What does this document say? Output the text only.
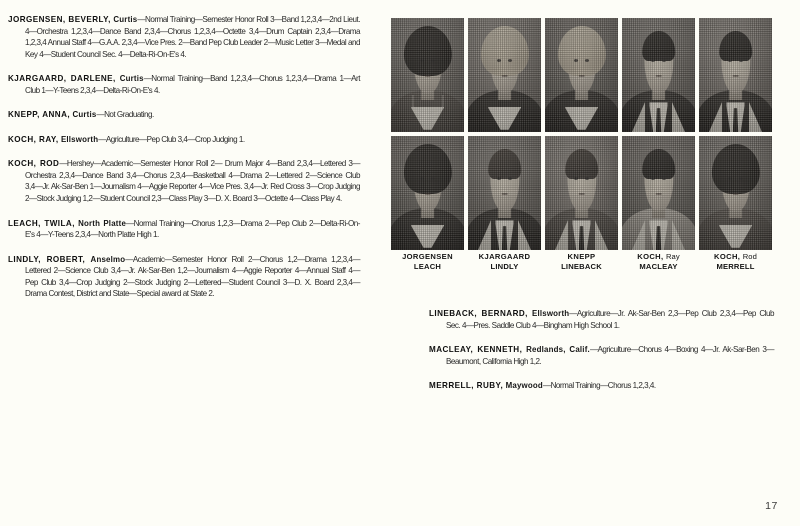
JORGENSEN, BEVERLY, Curtis—Normal Training—Semester Honor Roll 3—Band 1,2,3,4—2nd Lieut. 4—Orchestra 1,2,3,4—Dance Band 2,3,4—Chorus 1,2,3,4—Octette 3,4—Drum Captain 2,3,4—Drama 1,2,3,4 Annual Staff 4—G.A.A. 2,3,4—Vice Pres. 2—Band Pep Club Leader 2—Music Letter 3—Medal and Key 4—Student Council Sec. 4—Delta-Ri-On-E's 4.

KJARGAARD, DARLENE, Curtis—Normal Training—Band 1,2,3,4—Chorus 1,2,3,4—Drama 1—Art Club 1—Y-Teens 2,3,4—Delta-Ri-On-E's 4.

KNEPP, ANNA, Curtis—Not Graduating.

KOCH, RAY, Ellsworth—Agriculture—Pep Club 3,4—Crop Judging 1.

KOCH, ROD—Hershey—Academic—Semester Honor Roll 2— Drum Major 4—Band 2,3,4—Lettered 3—Orchestra 2,3,4—Dance Band 3,4—Chorus 2,3,4—Basketball 4—Drama 2—Lettered 2—Science Club 3,4—Jr. Ak-Sar-Ben 1—Journalism 4—Aggie Reporter 4—Vice Pres. 3,4—Jr. Red Cross 3—Crop Judging 2—Stock Judging 1,2—Student Council 2,3—Class Play 3—D. X. Board 3—Octette 4—Class Play 4.

LEACH, TWILA, North Platte—Normal Training—Chorus 1,2,3—Drama 2—Pep Club 2—Delta-Ri-On-E's 4—Y-Teens 2,3,4—North Platte High 1.

LINDLY, ROBERT, Anselmo—Academic—Semester Honor Roll 2—Chorus 1,2—Drama 1,2,3,4—Lettered 2—Science Club 3,4—Jr. Ak-Sar-Ben 1,2—Journalism 4—Aggie Reporter 4—Annual Staff 4—Pep Club 3,4—Crop Judging 2—Stock Judging 2—Lettered—Student Council 3—D. X. Board 2,3,4—Drama Contest, District and State—Special award at State 2.

JORGENSEN
LEACH
KJARGAARD
LINDLY
KNEPP
LINEBACK
KOCH, Ray
MACLEAY
KOCH, Rod
MERRELL

LINEBACK, BERNARD, Ellsworth—Agriculture—Jr. Ak-Sar-Ben 2,3—Pep Club 2,3,4—Pep Club Sec. 4—Pres. Saddle Club 4—Bingham High School 1.

MACLEAY, KENNETH, Redlands, Calif.—Agriculture—Chorus 4—Boxing 4—Jr. Ak-Sar-Ben 3—Beaumont, California High 1,2.

MERRELL, RUBY, Maywood—Normal Training—Chorus 1,2,3,4.

17
